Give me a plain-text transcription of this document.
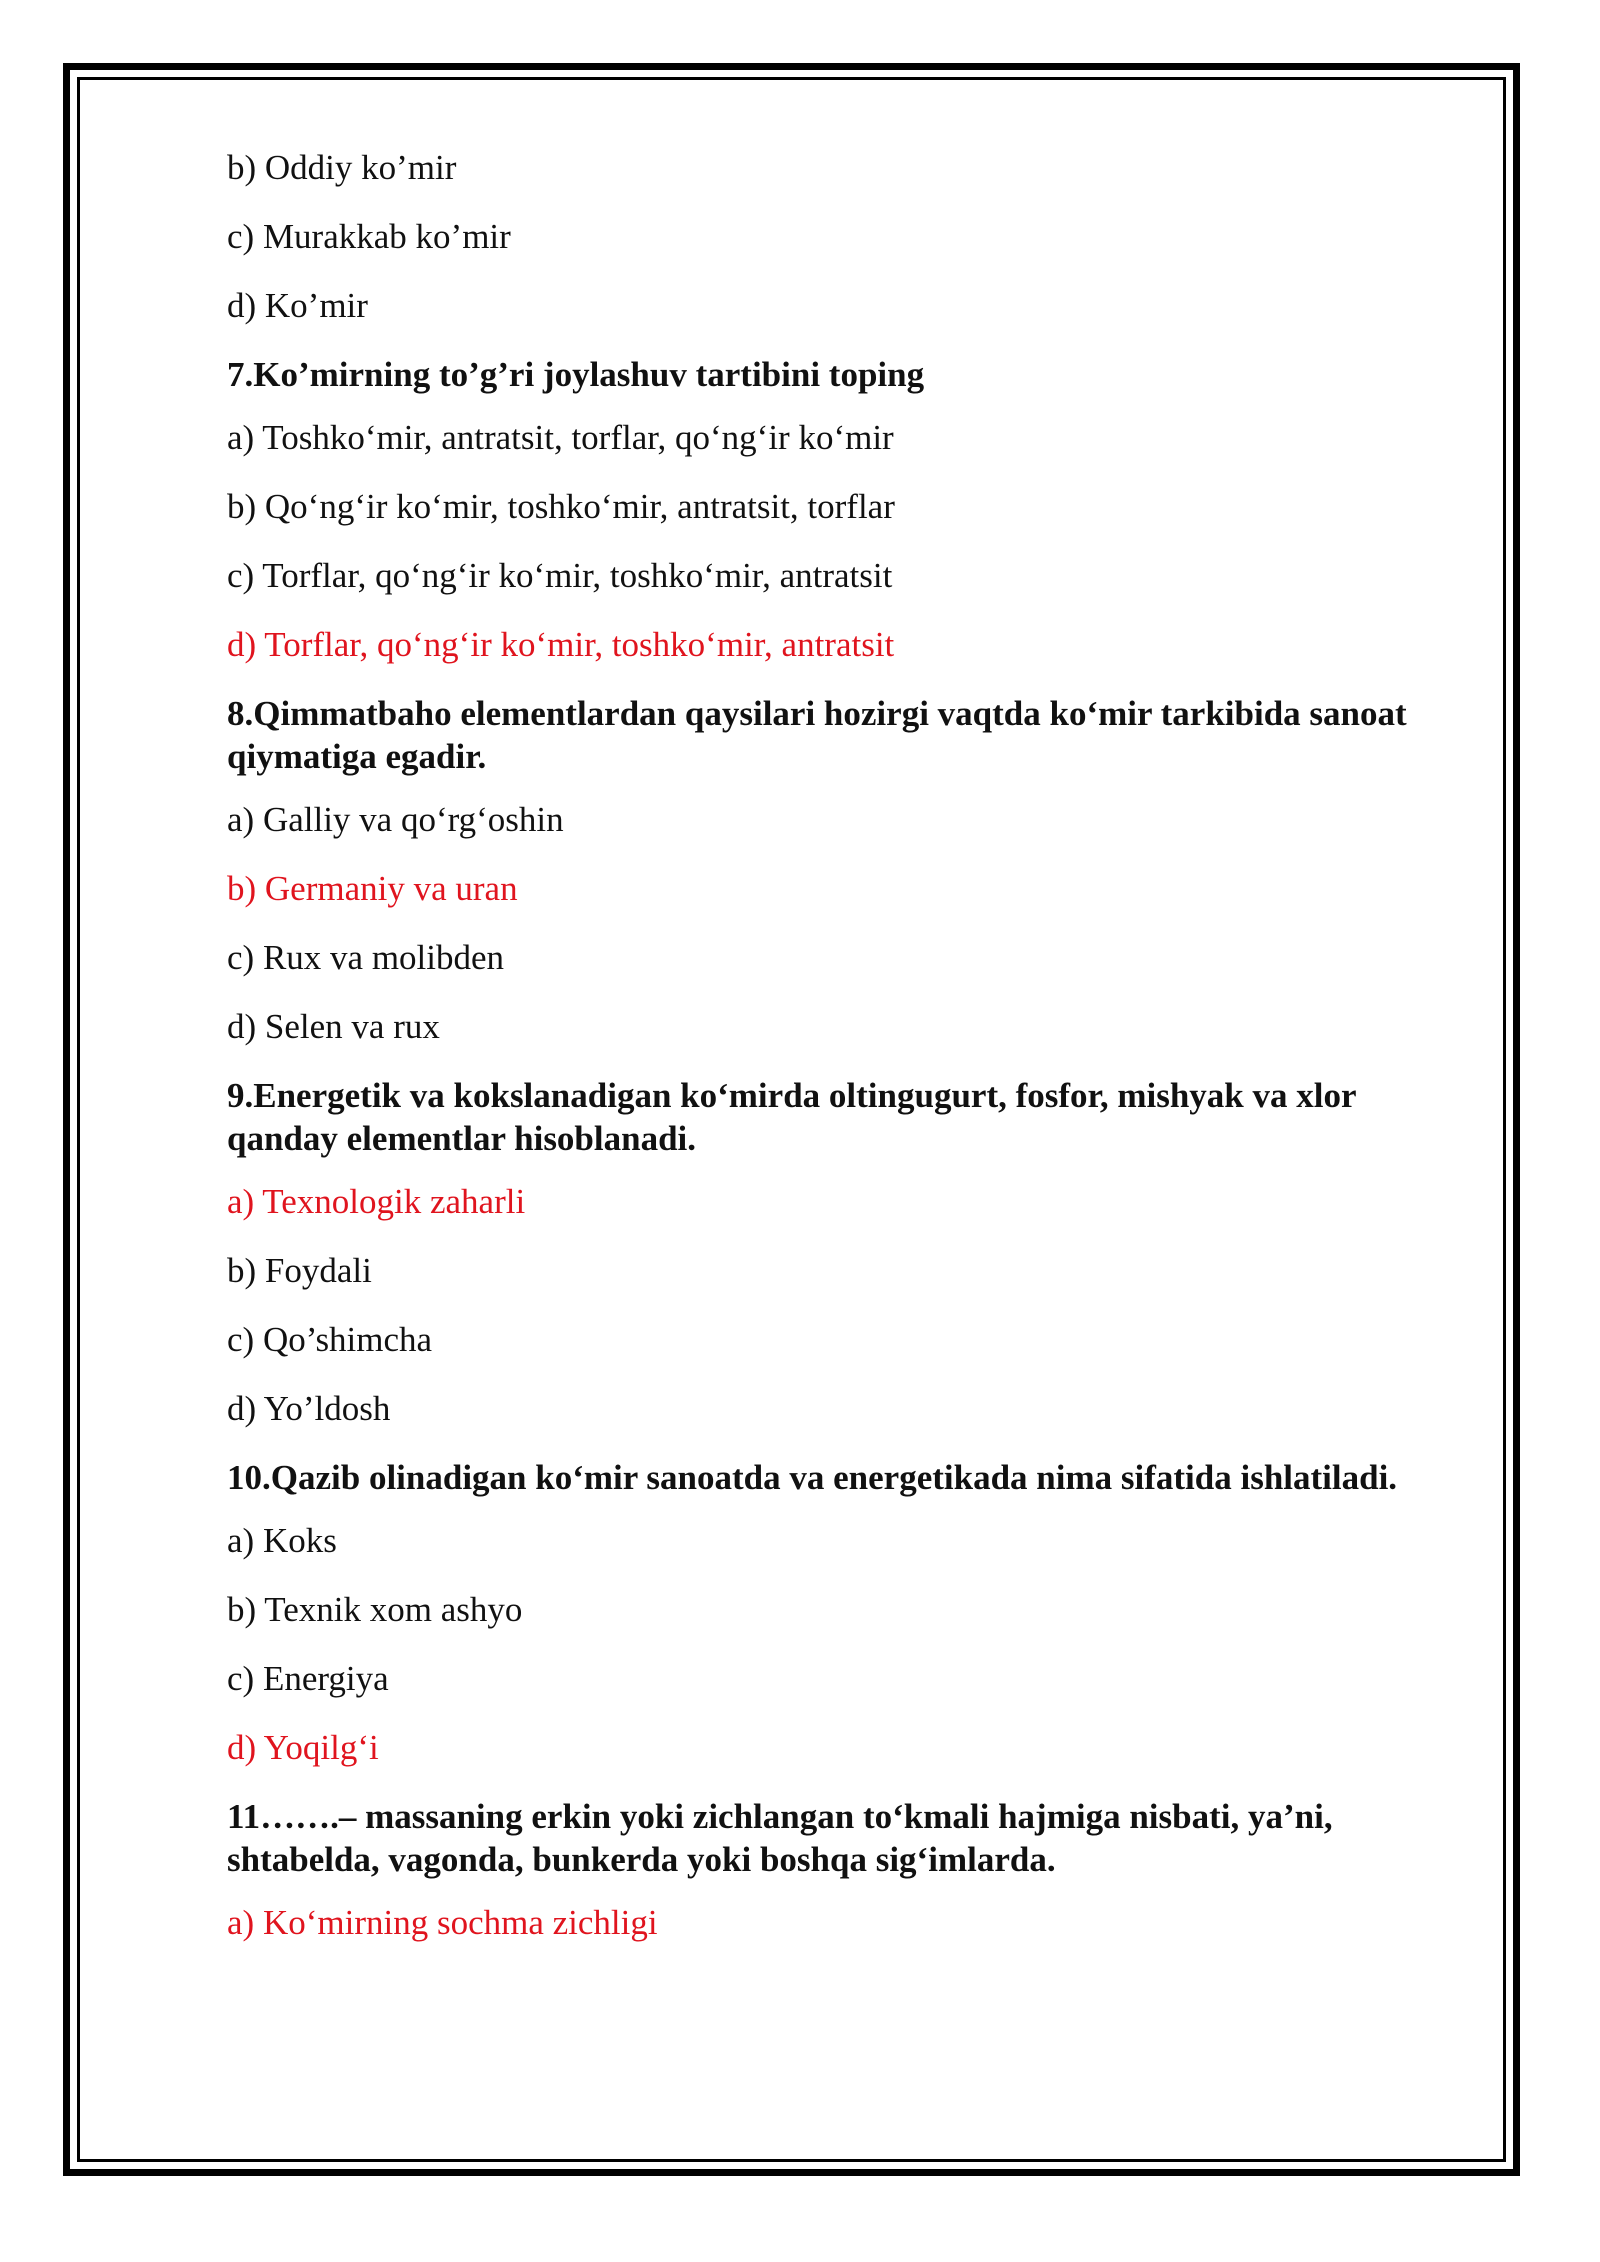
b) Oddiy ko’mir
c) Murakkab ko’mir
d) Ko’mir
7.Ko’mirning to’g’ri joylashuv tartibini toping
a) Toshkoʻmir, antratsit, torflar, qoʻngʻir koʻmir
b) Qoʻngʻir koʻmir, toshkoʻmir, antratsit, torflar
c) Torflar, qoʻngʻir koʻmir, toshkoʻmir, antratsit
d) Torflar, qoʻngʻir koʻmir, toshkoʻmir, antratsit
8.Qimmatbaho elementlardan qaysilari hozirgi vaqtda koʻmir tarkibida sanoat qiymatiga egadir.
a) Galliy va qoʻrgʻoshin
b) Germaniy va uran
c) Rux va molibden
d) Selen va rux
9.Energetik va kokslanadigan koʻmirda oltingugurt, fosfor, mishyak va xlor qanday elementlar hisoblanadi.
a) Texnologik zaharli
b) Foydali
c) Qo’shimcha
d) Yo’ldosh
10.Qazib olinadigan koʻmir sanoatda va energetikada nima sifatida ishlatiladi.
a) Koks
b) Texnik xom ashyo
c) Energiya
d) Yoqilgʻi
11…….– massaning erkin yoki zichlangan toʻkmali hajmiga nisbati, ya’ni, shtabelda, vagonda, bunkerda yoki boshqa sigʻimlarda.
a) Koʻmirning sochma zichligi
